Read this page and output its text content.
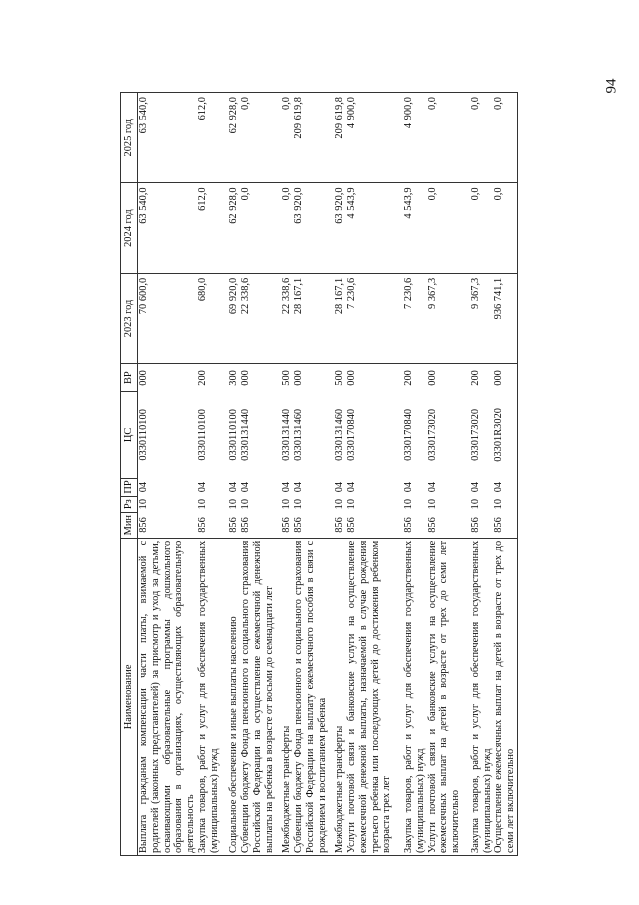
94
Наименование	Мин	Рз	ПР	ЦС	ВР	2023 год	2024 год	2025 год
Выплата гражданам компенсации части платы, взимаемой с родителей (законных представителей) за присмотр и уход за детьми, осваивающими образовательные программы дошкольного образования в организациях, осуществляющих образовательную деятельность	856	10	04	0330110100	000	70 600,0	63 540,0	63 540,0
Закупка товаров, работ и услуг для обеспечения государственных (муниципальных) нужд	856	10	04	0330110100	200	680,0	612,0	612,0
Социальное обеспечение и иные выплаты населению	856	10	04	0330110100	300	69 920,0	62 928,0	62 928,0
Субвенции бюджету Фонда пенсионного и социального страхования Российской Федерации на осуществление ежемесячной денежной выплаты на ребенка в возрасте от восьми до семнадцати лет	856	10	04	0330131440	000	22 338,6	0,0	0,0
Межбюджетные трансферты	856	10	04	0330131440	500	22 338,6	0,0	0,0
Субвенции бюджету Фонда пенсионного и социального страхования Российской Федерации на выплату ежемесячного пособия в связи с рождением и воспитанием ребенка	856	10	04	0330131460	000	28 167,1	63 920,0	209 619,8
Межбюджетные трансферты	856	10	04	0330131460	500	28 167,1	63 920,0	209 619,8
Услуги почтовой связи и банковские услуги на осуществление ежемесячной денежной выплаты, назначаемой в случае рождения третьего ребенка или последующих детей до достижения ребенком возраста трех лет	856	10	04	0330170840	000	7 230,6	4 543,9	4 900,0
Закупка товаров, работ и услуг для обеспечения государственных (муниципальных) нужд	856	10	04	0330170840	200	7 230,6	4 543,9	4 900,0
Услуги почтовой связи и банковские услуги на осуществление ежемесячных выплат на детей в возрасте от трех до семи лет включительно	856	10	04	0330173020	000	9 367,3	0,0	0,0
Закупка товаров, работ и услуг для обеспечения государственных (муниципальных) нужд	856	10	04	0330173020	200	9 367,3	0,0	0,0
Осуществление ежемесячных выплат на детей в возрасте от трех до семи лет включительно	856	10	04	03301R3020	000	936 741,1	0,0	0,0
